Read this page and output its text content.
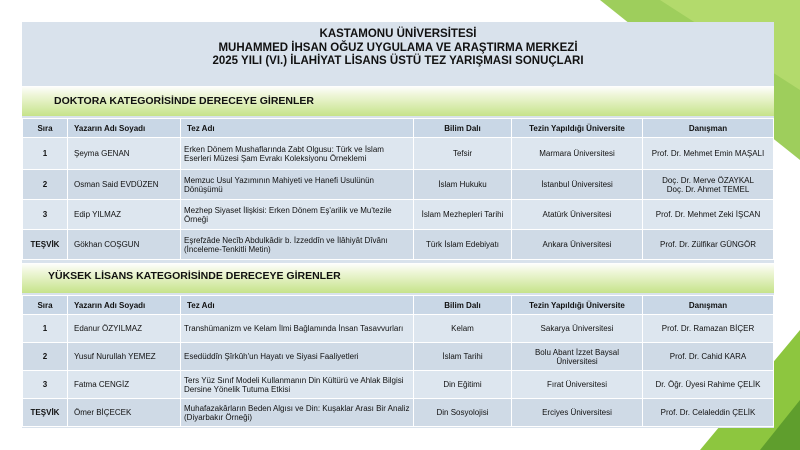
KASTAMONU ÜNİVERSİTESİ
MUHAMMED İHSAN OĞUZ UYGULAMA VE ARAŞTIRMA MERKEZİ
2025 YILI (VI.) İLAHİYAT LİSANS ÜSTÜ TEZ YARIŞMASI SONUÇLARI
DOKTORA KATEGORİSİNDE DERECEYE GİRENLER
Sıra	Yazarın Adı Soyadı	Tez Adı	Bilim Dalı	Tezin Yapıldığı Üniversite	Danışman
1	Şeyma GENAN	Erken Dönem Mushaflarında Zabt Olgusu: Türk ve İslam Eserleri Müzesi Şam Evrakı Koleksiyonu Örneklemi	Tefsir	Marmara Üniversitesi	Prof. Dr. Mehmet Emin MAŞALI
2	Osman Said EVDÜZEN	Memzuc Usul Yazımının Mahiyeti ve Hanefi Usulünün Dönüşümü	İslam Hukuku	İstanbul Üniversitesi	Doç. Dr. Merve ÖZAYKAL
Doç. Dr. Ahmet TEMEL
3	Edip YILMAZ	Mezhep Siyaset İlişkisi: Erken Dönem Eş'arilik ve Mu'tezile Örneği	İslam Mezhepleri Tarihi	Atatürk Üniversitesi	Prof. Dr. Mehmet Zeki İŞCAN
TEŞVİK	Gökhan COŞGUN	Eşrefzâde Necîb Abdulkâdir b. İzzeddîn ve İlâhiyât Dîvânı (İnceleme-Tenkitli Metin)	Türk İslam Edebiyatı	Ankara Üniversitesi	Prof. Dr. Zülfikar GÜNGÖR
YÜKSEK LİSANS KATEGORİSİNDE DERECEYE GİRENLER
Sıra	Yazarın Adı Soyadı	Tez Adı	Bilim Dalı	Tezin Yapıldığı Üniversite	Danışman
1	Edanur ÖZYILMAZ	Transhümanizm ve Kelam İlmi Bağlamında İnsan Tasavvurları	Kelam	Sakarya Üniversitesi	Prof. Dr. Ramazan BİÇER
2	Yusuf Nurullah YEMEZ	Esedüddîn Şîrkûh'un Hayatı ve Siyasi Faaliyetleri	İslam Tarihi	Bolu Abant İzzet Baysal Üniversitesi	Prof. Dr. Cahid KARA
3	Fatma CENGİZ	Ters Yüz Sınıf Modeli Kullanmanın Din Kültürü ve Ahlak Bilgisi Dersine Yönelik Tutuma Etkisi	Din Eğitimi	Fırat Üniversitesi	Dr. Öğr. Üyesi Rahime ÇELİK
TEŞVİK	Ömer BİÇECEK	Muhafazakârların Beden Algısı ve Din: Kuşaklar Arası Bir Analiz (Diyarbakır Örneği)	Din Sosyolojisi	Erciyes Üniversitesi	Prof. Dr. Celaleddin ÇELİK
